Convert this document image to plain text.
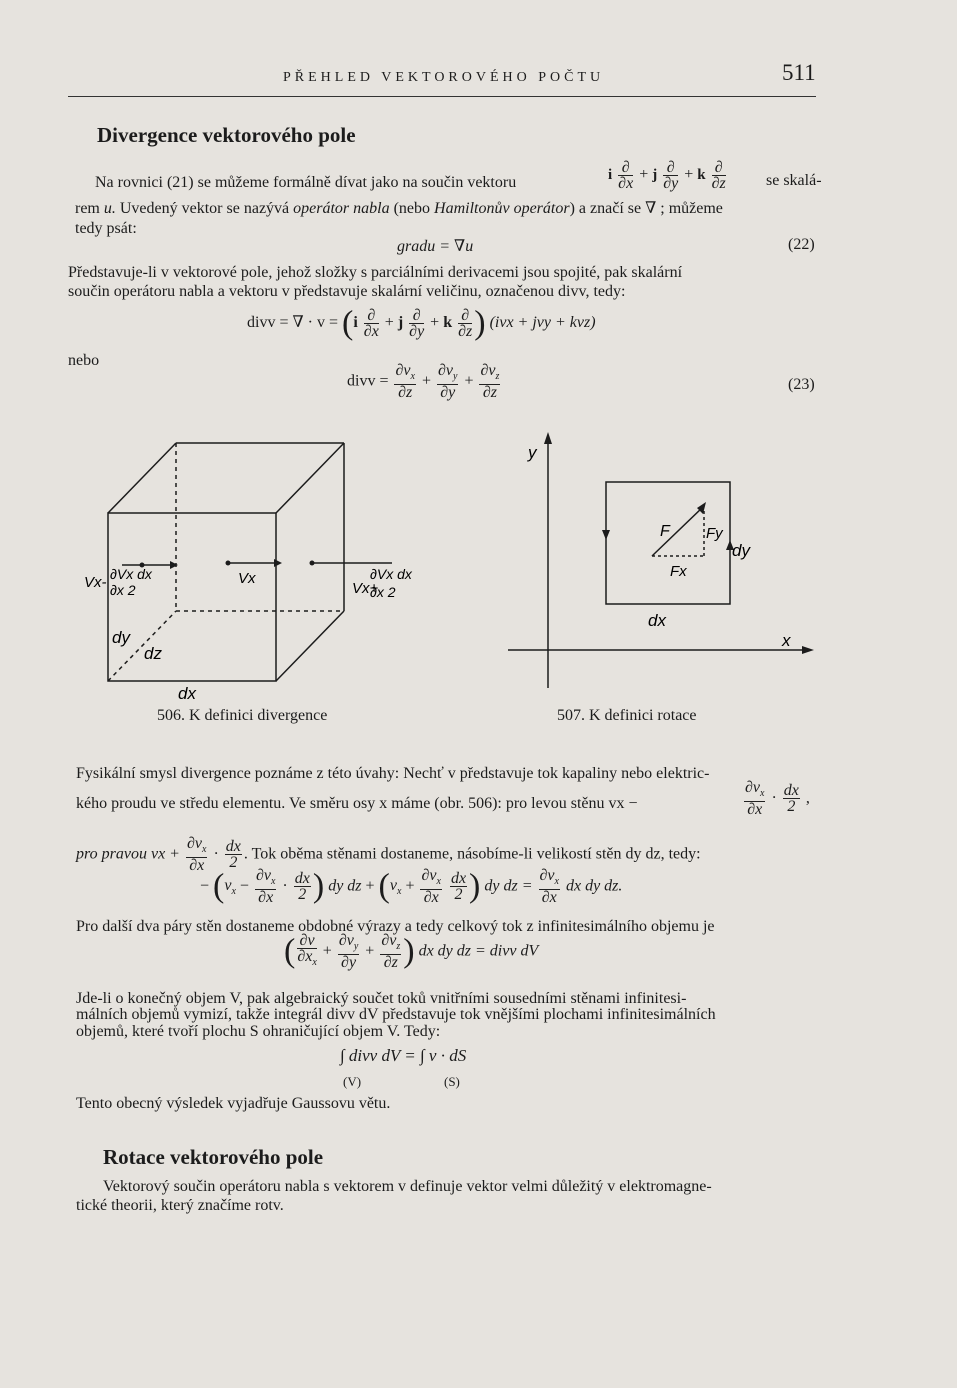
PŘEHLED VEKTOROVÉHO POČTU	511
Divergence vektorového pole
Na rovnici (21) se můžeme formálně dívat jako na součin vektoru	i $\frac{\partial}{\partial x} + j \frac{\partial}{\partial y} + k \frac{\partial}{\partial z}$	se skalá-
rem u. Uvedený vektor se nazývá operátor nabla (nebo Hamiltonův operátor) a značí se ∇ ; můžeme
tedy psát:
gradu = ∇u	(22)
Představuje-li v vektorové pole, jehož složky s parciálními derivacemi jsou spojité, pak skalární
součin operátoru nabla a vektoru v představuje skalární veličinu, označenou divv, tedy:
divv = ∇ · $v = (i \frac{\partial}{\partial x} + j \frac{\partial}{\partial y} + k \frac{\partial}{\partial z}$ ) (ivx + jvy + kvz)
nebo
divv = $\frac{\partial v_x}{\partial z} + \frac{\partial v_y}{\partial y} + \frac{\partial v_z}{\partial z}$	(23)
Vx- ∂Vx dx
∂x 2
Vx
Vx+
∂Vx dx
∂x 2
dy
dz
dx
506. K definici divergence
y
x
F Fy
Fx
dy
dx
507. K definici rotace
Fysikální smysl divergence poznáme z této úvahy: Nechť v představuje tok kapaliny nebo elektric-
kého proudu ve středu elementu. Ve směru osy x máme (obr. 506): pro levou stěnu vx −	$\frac{\partial v_x}{\partial x} \cdot \frac{dx}{2}$ ,
pro pravou vx + $\frac{\partial v_x}{\partial x} \cdot \frac{dx}{2}$ . Tok oběma stěnami dostaneme, násobíme-li velikostí stěn dy dz, tedy:
− ($v_x - \frac{\partial v_x}{\partial x} \cdot \frac{dx}{2}$ ) dy dz + ($v_x + \frac{\partial v_x}{\partial x}$
$\frac{dx}{2}$ ) dy dz = $\frac{\partial v_x}{\partial x}$ dx dy dz.
Pro další dva páry stěn dostaneme obdobné výrazy a tedy celkový tok z infinitesimálního objemu je
( $\frac{\partial v}{\partial x_x} + \frac{\partial v_y}{\partial y} + \frac{\partial v_z}{\partial z}$ ) dx dy dz = divv dV
Jde-li o konečný objem V, pak algebraický součet toků vnitřními sousedními stěnami infinitesi-
málních objemů vymizí, takže integrál divv dV představuje tok vnějšími plochami infinitesimálních
objemů, které tvoří plochu S ohraničující objem V. Tedy:
∫ divv dV = ∫ v · dS
(V)	(S)
Tento obecný výsledek vyjadřuje Gaussovu větu.
Rotace vektorového pole
Vektorový součin operátoru nabla s vektorem v definuje vektor velmi důležitý v elektromagne-
tické theorii, který značíme rotv.
